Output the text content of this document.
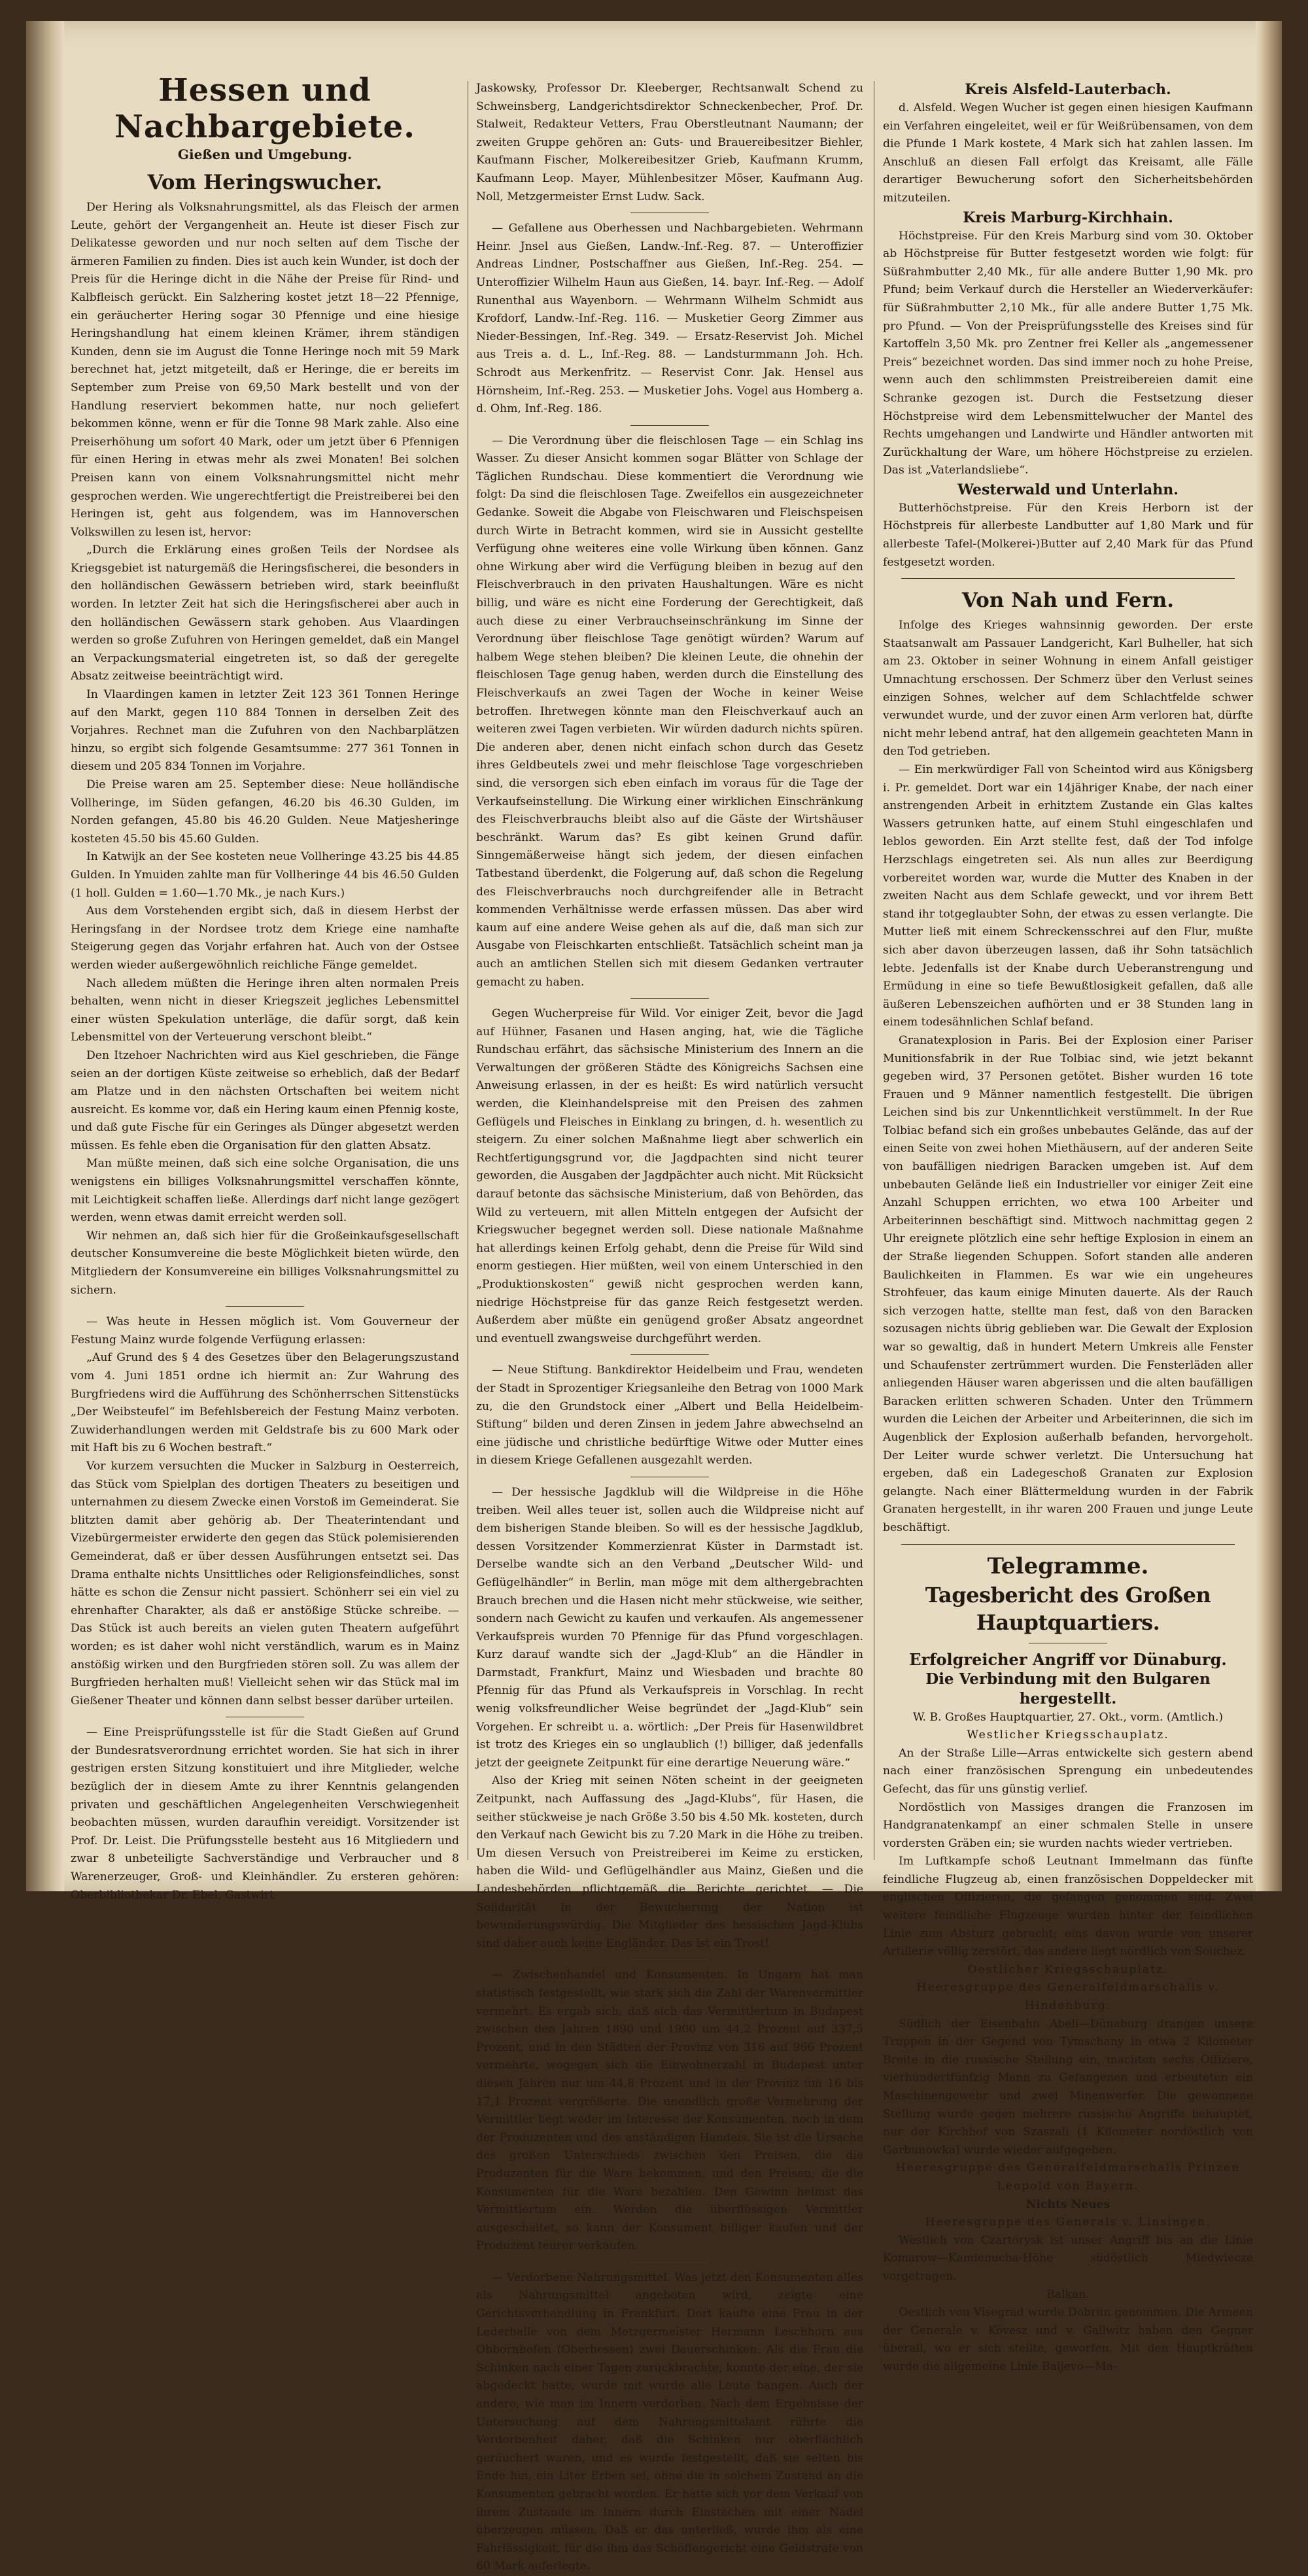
Hessen und Nachbargebiete.
Gießen und Umgebung.
Vom Heringswucher.

Der Hering als Volksnahrungsmittel, als das Fleisch der armen Leute, gehört der Vergangenheit an. Heute ist dieser Fisch zur Delikatesse geworden und nur noch selten auf dem Tische der ärmeren Familien zu finden. Dies ist auch kein Wunder, ist doch der Preis für die Heringe dicht in die Nähe der Preise für Rind- und Kalbfleisch gerückt. Ein Salzhering kostet jetzt 18—22 Pfennige, ein geräucherter Hering sogar 30 Pfennige und eine hiesige Heringshandlung hat einem kleinen Krämer, ihrem ständigen Kunden, denn sie im August die Tonne Heringe noch mit 59 Mark berechnet hat, jetzt mitgeteilt, daß er Heringe, die er bereits im September zum Preise von 69,50 Mark bestellt und von der Handlung reserviert bekommen hatte, nur noch geliefert bekommen könne, wenn er für die Tonne 98 Mark zahle. Also eine Preiserhöhung um sofort 40 Mark, oder um jetzt über 6 Pfennigen für einen Hering in etwas mehr als zwei Monaten! Bei solchen Preisen kann von einem Volksnahrungsmittel nicht mehr gesprochen werden. Wie ungerechtfertigt die Preistreiberei bei den Heringen ist, geht aus folgendem, was im Hannoverschen Volkswillen zu lesen ist, hervor:

„Durch die Erklärung eines großen Teils der Nordsee als Kriegsgebiet ist naturgemäß die Heringsfischerei, die besonders in den holländischen Gewässern betrieben wird, stark beeinflußt worden. In letzter Zeit hat sich die Heringsfischerei aber auch in den holländischen Gewässern stark gehoben. Aus Vlaardingen werden so große Zufuhren von Heringen gemeldet, daß ein Mangel an Verpackungsmaterial eingetreten ist, so daß der geregelte Absatz zeitweise beeinträchtigt wird.

In Vlaardingen kamen in letzter Zeit 123 361 Tonnen Heringe auf den Markt, gegen 110 884 Tonnen in derselben Zeit des Vorjahres. Rechnet man die Zufuhren von den Nachbarplätzen hinzu, so ergibt sich folgende Gesamtsumme: 277 361 Tonnen in diesem und 205 834 Tonnen im Vorjahre.

Die Preise waren am 25. September diese: Neue holländische Vollheringe, im Süden gefangen, 46.20 bis 46.30 Gulden, im Norden gefangen, 45.80 bis 46.20 Gulden. Neue Matjesheringe kosteten 45.50 bis 45.60 Gulden.

In Katwijk an der See kosteten neue Vollheringe 43.25 bis 44.85 Gulden. In Ymuiden zahlte man für Vollheringe 44 bis 46.50 Gulden (1 holl. Gulden = 1.60—1.70 Mk., je nach Kurs.)

Aus dem Vorstehenden ergibt sich, daß in diesem Herbst der Heringsfang in der Nordsee trotz dem Kriege eine namhafte Steigerung gegen das Vorjahr erfahren hat. Auch von der Ostsee werden wieder außergewöhnlich reichliche Fänge gemeldet.

Nach alledem müßten die Heringe ihren alten normalen Preis behalten, wenn nicht in dieser Kriegszeit jegliches Lebensmittel einer wüsten Spekulation unterläge, die dafür sorgt, daß kein Lebensmittel von der Verteuerung verschont bleibt.“

Den Itzehoer Nachrichten wird aus Kiel geschrieben, die Fänge seien an der dortigen Küste zeitweise so erheblich, daß der Bedarf am Platze und in den nächsten Ortschaften bei weitem nicht ausreicht. Es komme vor, daß ein Hering kaum einen Pfennig koste, und daß gute Fische für ein Geringes als Dünger abgesetzt werden müssen. Es fehle eben die Organisation für den glatten Absatz.

Man müßte meinen, daß sich eine solche Organisation, die uns wenigstens ein billiges Volksnahrungsmittel verschaffen könnte, mit Leichtigkeit schaffen ließe. Allerdings darf nicht lange gezögert werden, wenn etwas damit erreicht werden soll.

Wir nehmen an, daß sich hier für die Großeinkaufsgesellschaft deutscher Konsumvereine die beste Möglichkeit bieten würde, den Mitgliedern der Konsumvereine ein billiges Volksnahrungsmittel zu sichern.

— Was heute in Hessen möglich ist. Vom Gouverneur der Festung Mainz wurde folgende Verfügung erlassen:

„Auf Grund des § 4 des Gesetzes über den Belagerungszustand vom 4. Juni 1851 ordne ich hiermit an: Zur Wahrung des Burgfriedens wird die Aufführung des Schönherrschen Sittenstücks „Der Weibsteufel“ im Befehlsbereich der Festung Mainz verboten. Zuwiderhandlungen werden mit Geldstrafe bis zu 600 Mark oder mit Haft bis zu 6 Wochen bestraft.“

Vor kurzem versuchten die Mucker in Salzburg in Oesterreich, das Stück vom Spielplan des dortigen Theaters zu beseitigen und unternahmen zu diesem Zwecke einen Vorstoß im Gemeinderat. Sie blitzten damit aber gehörig ab. Der Theaterintendant und Vizebürgermeister erwiderte den gegen das Stück polemisierenden Gemeinderat, daß er über dessen Ausführungen entsetzt sei. Das Drama enthalte nichts Unsittliches oder Religionsfeindliches, sonst hätte es schon die Zensur nicht passiert. Schönherr sei ein viel zu ehrenhafter Charakter, als daß er anstößige Stücke schreibe. — Das Stück ist auch bereits an vielen guten Theatern aufgeführt worden; es ist daher wohl nicht verständlich, warum es in Mainz anstößig wirken und den Burgfrieden stören soll. Zu was allem der Burgfrieden herhalten muß! Vielleicht sehen wir das Stück mal im Gießener Theater und können dann selbst besser darüber urteilen.

— Eine Preisprüfungsstelle ist für die Stadt Gießen auf Grund der Bundesratsverordnung errichtet worden. Sie hat sich in ihrer gestrigen ersten Sitzung konstituiert und ihre Mitglieder, welche bezüglich der in diesem Amte zu ihrer Kenntnis gelangenden privaten und geschäftlichen Angelegenheiten Verschwiegenheit beobachten müssen, wurden daraufhin vereidigt. Vorsitzender ist Prof. Dr. Leist. Die Prüfungsstelle besteht aus 16 Mitgliedern und zwar 8 unbeteiligte Sachverständige und Verbraucher und 8 Warenerzeuger, Groß- und Kleinhändler. Zu ersteren gehören: Oberbibliothekar Dr. Ebel, Gastwirt

Jaskowsky, Professor Dr. Kleeberger, Rechtsanwalt Schend zu Schweinsberg, Landgerichtsdirektor Schneckenbecher, Prof. Dr. Stalweit, Redakteur Vetters, Frau Oberstleutnant Naumann; der zweiten Gruppe gehören an: Guts- und Brauereibesitzer Biehler, Kaufmann Fischer, Molkereibesitzer Grieb, Kaufmann Krumm, Kaufmann Leop. Mayer, Mühlenbesitzer Möser, Kaufmann Aug. Noll, Metzgermeister Ernst Ludw. Sack.

— Gefallene aus Oberhessen und Nachbargebieten. Wehrmann Heinr. Jnsel aus Gießen, Landw.-Inf.-Reg. 87. — Unteroffizier Andreas Lindner, Postschaffner aus Gießen, Inf.-Reg. 254. — Unteroffizier Wilhelm Haun aus Gießen, 14. bayr. Inf.-Reg. — Adolf Runenthal aus Wayenborn. — Wehrmann Wilhelm Schmidt aus Krofdorf, Landw.-Inf.-Reg. 116. — Musketier Georg Zimmer aus Nieder-Bessingen, Inf.-Reg. 349. — Ersatz-Reservist Joh. Michel aus Treis a. d. L., Inf.-Reg. 88. — Landsturmmann Joh. Hch. Schrodt aus Merkenfritz. — Reservist Conr. Jak. Hensel aus Hörnsheim, Inf.-Reg. 253. — Musketier Johs. Vogel aus Homberg a. d. Ohm, Inf.-Reg. 186.

— Die Verordnung über die fleischlosen Tage — ein Schlag ins Wasser. Zu dieser Ansicht kommen sogar Blätter von Schlage der Täglichen Rundschau. Diese kommentiert die Verordnung wie folgt: Da sind die fleischlosen Tage. Zweifellos ein ausgezeichneter Gedanke. Soweit die Abgabe von Fleischwaren und Fleischspeisen durch Wirte in Betracht kommen, wird sie in Aussicht gestellte Verfügung ohne weiteres eine volle Wirkung üben können. Ganz ohne Wirkung aber wird die Verfügung bleiben in bezug auf den Fleischverbrauch in den privaten Haushaltungen. Wäre es nicht billig, und wäre es nicht eine Forderung der Gerechtigkeit, daß auch diese zu einer Verbrauchseinschränkung im Sinne der Verordnung über fleischlose Tage genötigt würden? Warum auf halbem Wege stehen bleiben? Die kleinen Leute, die ohnehin der fleischlosen Tage genug haben, werden durch die Einstellung des Fleischverkaufs an zwei Tagen der Woche in keiner Weise betroffen. Ihretwegen könnte man den Fleischverkauf auch an weiteren zwei Tagen verbieten. Wir würden dadurch nichts spüren. Die anderen aber, denen nicht einfach schon durch das Gesetz ihres Geldbeutels zwei und mehr fleischlose Tage vorgeschrieben sind, die versorgen sich eben einfach im voraus für die Tage der Verkaufseinstellung. Die Wirkung einer wirklichen Einschränkung des Fleischverbrauchs bleibt also auf die Gäste der Wirtshäuser beschränkt. Warum das? Es gibt keinen Grund dafür. Sinngemäßerweise hängt sich jedem, der diesen einfachen Tatbestand überdenkt, die Folgerung auf, daß schon die Regelung des Fleischverbrauchs noch durchgreifender alle in Betracht kommenden Verhältnisse werde erfassen müssen. Das aber wird kaum auf eine andere Weise gehen als auf die, daß man sich zur Ausgabe von Fleischkarten entschließt. Tatsächlich scheint man ja auch an amtlichen Stellen sich mit diesem Gedanken vertrauter gemacht zu haben.

Gegen Wucherpreise für Wild. Vor einiger Zeit, bevor die Jagd auf Hühner, Fasanen und Hasen anging, hat, wie die Tägliche Rundschau erfährt, das sächsische Ministerium des Innern an die Verwaltungen der größeren Städte des Königreichs Sachsen eine Anweisung erlassen, in der es heißt: Es wird natürlich versucht werden, die Kleinhandelspreise mit den Preisen des zahmen Geflügels und Fleisches in Einklang zu bringen, d. h. wesentlich zu steigern. Zu einer solchen Maßnahme liegt aber schwerlich ein Rechtfertigungsgrund vor, die Jagdpachten sind nicht teurer geworden, die Ausgaben der Jagdpächter auch nicht. Mit Rücksicht darauf betonte das sächsische Ministerium, daß von Behörden, das Wild zu verteuern, mit allen Mitteln entgegen der Aufsicht der Kriegswucher begegnet werden soll. Diese nationale Maßnahme hat allerdings keinen Erfolg gehabt, denn die Preise für Wild sind enorm gestiegen. Hier müßten, weil von einem Unterschied in den „Produktionskosten“ gewiß nicht gesprochen werden kann, niedrige Höchstpreise für das ganze Reich festgesetzt werden. Außerdem aber müßte ein genügend großer Absatz angeordnet und eventuell zwangsweise durchgeführt werden.

— Neue Stiftung. Bankdirektor Heidelbeim und Frau, wendeten der Stadt in Sprozentiger Kriegsanleihe den Betrag von 1000 Mark zu, die den Grundstock einer „Albert und Bella Heidelbeim-Stiftung“ bilden und deren Zinsen in jedem Jahre abwechselnd an eine jüdische und christliche bedürftige Witwe oder Mutter eines in diesem Kriege Gefallenen ausgezahlt werden.

— Der hessische Jagdklub will die Wildpreise in die Höhe treiben. Weil alles teuer ist, sollen auch die Wildpreise nicht auf dem bisherigen Stande bleiben. So will es der hessische Jagdklub, dessen Vorsitzender Kommerzienrat Küster in Darmstadt ist. Derselbe wandte sich an den Verband „Deutscher Wild- und Geflügelhändler“ in Berlin, man möge mit dem althergebrachten Brauch brechen und die Hasen nicht mehr stückweise, wie seither, sondern nach Gewicht zu kaufen und verkaufen. Als angemessener Verkaufspreis wurden 70 Pfennige für das Pfund vorgeschlagen. Kurz darauf wandte sich der „Jagd-Klub“ an die Händler in Darmstadt, Frankfurt, Mainz und Wiesbaden und brachte 80 Pfennig für das Pfund als Verkaufspreis in Vorschlag. In recht wenig volksfreundlicher Weise begründet der „Jagd-Klub“ sein Vorgehen. Er schreibt u. a. wörtlich: „Der Preis für Hasenwildbret ist trotz des Krieges ein so unglaublich (!) billiger, daß jedenfalls jetzt der geeignete Zeitpunkt für eine derartige Neuerung wäre.“

Also der Krieg mit seinen Nöten scheint in der geeigneten Zeitpunkt, nach Auffassung des „Jagd-Klubs“, für Hasen, die seither stückweise je nach Größe 3.50 bis 4.50 Mk. kosteten, durch den Verkauf nach Gewicht bis zu 7.20 Mark in die Höhe zu treiben. Um diesen Versuch von Preistreiberei im Keime zu ersticken, haben die Wild- und Geflügelhändler aus Mainz, Gießen und die Landesbehörden pflichtgemäß die Berichte gerichtet. — Die Solidarität in der Bewucherung der Nation ist bewunderungswürdig. Die Mitglieder des hessischen Jagd-Klubs sind daher auch keine Engländer. Das ist ein Trost!

— Zwischenhandel und Konsumenten. In Ungarn hat man statistisch festgestellt, wie stark sich die Zahl der Warenvermittler vermehrt. Es ergab sich, daß sich das Vermittlertum in Budapest zwischen den Jahren 1890 und 1900 um 44,2 Prozent auf 337,5 Prozent, und in den Städten der Provinz von 316 auf 966 Prozent vermehrte, wogegen sich die Einwohnerzahl in Budapest unter diesen Jahren nur um 44,8 Prozent und in der Provinz um 16 bis 17,1 Prozent vergrößerte. Die unendlich große Vermehrung der Vermittler liegt weder im Interesse der Konsumenten, noch in dem der Produzenten und des anständigen Handels. Sie ist die Ursache des großen Unterschieds zwischen den Preisen, die die Produzenten für die Ware bekommen, und den Preisen, die die Konsumenten für die Ware bezahlen. Den Gewinn heimst das Vermittlertum ein. Werden die überflüssigen Vermittler ausgeschaltet, so kann der Konsument billiger kaufen und der Produzent teurer verkaufen.

— Verdorbene Nahrungsmittel. Was jetzt den Konsumenten alles als Nahrungsmittel angeboten wird, zeigte eine Gerichtsverhandlung in Frankfurt. Dort kaufte eine Frau in der Lederhalle von dem Metzgermeister Hermann Leschhorn aus Obbornhofen (Oberhessen) zwei Dauerschinken. Als die Frau die Schinken nach einer Tagen zurückbrachte, konnte der eine, der sie abgedeckt hatte, wurde mit wurde alle Leute bangen. Auch der andere, wie man im Innern verdorben. Nach dem Ergebnisse der Untersuchung auf dem Nahrungsmittelamt rührte die Verdorbenheit daher, daß die Schinken nur oberflächlich geräuchert waren, und es wurde festgestellt, daß sie selten bis Ende hin, ein Liter Erben sei, ohne die in solchem Zustand an die Konsumenten gebracht worden. Er hätte sich vor dem Verkauf von ihrem Zustande im Innern durch Einstechen mit einer Nadel überzeugen müssen. Daß er das unterließ, wurde ihm als eine Fahrlässigkeit, für die ihm das Schöffengericht eine Geldstrafe von 60 Mark auferlegte.

Kreis Alsfeld-Lauterbach.

d. Alsfeld. Wegen Wucher ist gegen einen hiesigen Kaufmann ein Verfahren eingeleitet, weil er für Weißrübensamen, von dem die Pfunde 1 Mark kostete, 4 Mark sich hat zahlen lassen. Im Anschluß an diesen Fall erfolgt das Kreisamt, alle Fälle derartiger Bewucherung sofort den Sicherheitsbehörden mitzuteilen.

Kreis Marburg-Kirchhain.

Höchstpreise. Für den Kreis Marburg sind vom 30. Oktober ab Höchstpreise für Butter festgesetzt worden wie folgt: für Süßrahmbutter 2,40 Mk., für alle andere Butter 1,90 Mk. pro Pfund; beim Verkauf durch die Hersteller an Wiederverkäufer: für Süßrahmbutter 2,10 Mk., für alle andere Butter 1,75 Mk. pro Pfund. — Von der Preisprüfungsstelle des Kreises sind für Kartoffeln 3,50 Mk. pro Zentner frei Keller als „angemessener Preis“ bezeichnet worden. Das sind immer noch zu hohe Preise, wenn auch den schlimmsten Preistreibereien damit eine Schranke gezogen ist. Durch die Festsetzung dieser Höchstpreise wird dem Lebensmittelwucher der Mantel des Rechts umgehangen und Landwirte und Händler antworten mit Zurückhaltung der Ware, um höhere Höchstpreise zu erzielen. Das ist „Vaterlandsliebe“.

Westerwald und Unterlahn.

Butterhöchstpreise. Für den Kreis Herborn ist der Höchstpreis für allerbeste Landbutter auf 1,80 Mark und für allerbeste Tafel-(Molkerei-)Butter auf 2,40 Mark für das Pfund festgesetzt worden.

Von Nah und Fern.

Infolge des Krieges wahnsinnig geworden. Der erste Staatsanwalt am Passauer Landgericht, Karl Bulheller, hat sich am 23. Oktober in seiner Wohnung in einem Anfall geistiger Umnachtung erschossen. Der Schmerz über den Verlust seines einzigen Sohnes, welcher auf dem Schlachtfelde schwer verwundet wurde, und der zuvor einen Arm verloren hat, dürfte nicht mehr lebend antraf, hat den allgemein geachteten Mann in den Tod getrieben.

— Ein merkwürdiger Fall von Scheintod wird aus Königsberg i. Pr. gemeldet. Dort war ein 14jähriger Knabe, der nach einer anstrengenden Arbeit in erhitztem Zustande ein Glas kaltes Wassers getrunken hatte, auf einem Stuhl eingeschlafen und leblos geworden. Ein Arzt stellte fest, daß der Tod infolge Herzschlags eingetreten sei. Als nun alles zur Beerdigung vorbereitet worden war, wurde die Mutter des Knaben in der zweiten Nacht aus dem Schlafe geweckt, und vor ihrem Bett stand ihr totgeglaubter Sohn, der etwas zu essen verlangte. Die Mutter ließ mit einem Schreckensschrei auf den Flur, mußte sich aber davon überzeugen lassen, daß ihr Sohn tatsächlich lebte. Jedenfalls ist der Knabe durch Ueberanstrengung und Ermüdung in eine so tiefe Bewußtlosigkeit gefallen, daß alle äußeren Lebenszeichen aufhörten und er 38 Stunden lang in einem todesähnlichen Schlaf befand.

Granatexplosion in Paris. Bei der Explosion einer Pariser Munitionsfabrik in der Rue Tolbiac sind, wie jetzt bekannt gegeben wird, 37 Personen getötet. Bisher wurden 16 tote Frauen und 9 Männer namentlich festgestellt. Die übrigen Leichen sind bis zur Unkenntlichkeit verstümmelt. In der Rue Tolbiac befand sich ein großes unbebautes Gelände, das auf der einen Seite von zwei hohen Miethäusern, auf der anderen Seite von baufälligen niedrigen Baracken umgeben ist. Auf dem unbebauten Gelände ließ ein Industrieller vor einiger Zeit eine Anzahl Schuppen errichten, wo etwa 100 Arbeiter und Arbeiterinnen beschäftigt sind. Mittwoch nachmittag gegen 2 Uhr ereignete plötzlich eine sehr heftige Explosion in einem an der Straße liegenden Schuppen. Sofort standen alle anderen Baulichkeiten in Flammen. Es war wie ein ungeheures Strohfeuer, das kaum einige Minuten dauerte. Als der Rauch sich verzogen hatte, stellte man fest, daß von den Baracken sozusagen nichts übrig geblieben war. Die Gewalt der Explosion war so gewaltig, daß in hundert Metern Umkreis alle Fenster und Schaufenster zertrümmert wurden. Die Fensterläden aller anliegenden Häuser waren abgerissen und die alten baufälligen Baracken erlitten schweren Schaden. Unter den Trümmern wurden die Leichen der Arbeiter und Arbeiterinnen, die sich im Augenblick der Explosion außerhalb befanden, hervorgeholt. Der Leiter wurde schwer verletzt. Die Untersuchung hat ergeben, daß ein Ladegeschoß Granaten zur Explosion gelangte. Nach einer Blättermeldung wurden in der Fabrik Granaten hergestellt, in ihr waren 200 Frauen und junge Leute beschäftigt.

Telegramme.
Tagesbericht des Großen Hauptquartiers.
Erfolgreicher Angriff vor Dünaburg.
Die Verbindung mit den Bulgaren hergestellt.

W. B. Großes Hauptquartier, 27. Okt., vorm. (Amtlich.)

Westlicher Kriegsschauplatz.

An der Straße Lille—Arras entwickelte sich gestern abend nach einer französischen Sprengung ein unbedeutendes Gefecht, das für uns günstig verlief.

Nordöstlich von Massiges drangen die Franzosen im Handgranatenkampf an einer schmalen Stelle in unsere vordersten Gräben ein; sie wurden nachts wieder vertrieben.

Im Luftkampfe schoß Leutnant Immelmann das fünfte feindliche Flugzeug ab, einen französischen Doppeldecker mit englischen Offizieren, die gefangen genommen sind. Zwei weitere feindliche Flugzeuge wurden hinter der feindlichen Linie zum Absturz gebracht; eins davon wurde von unserer Artillerie völlig zerstört, das andere liegt nördlich von Souchez.

Oestlicher Kriegsschauplatz.

Heeresgruppe des Generalfeldmarschalls v. Hindenburg.

Südlich der Eisenbahn Abeli—Dünaburg drangen unsere Truppen in der Gegend von Tymschany in etwa 2 Kilometer Breite in die russische Stellung ein, machten sechs Offiziere, vierhundertfünfzig Mann zu Gefangenen und erbeuteten ein Maschinengewehr und zwei Minenwerfer. Die gewonnene Stellung wurde gegen mehrere russische Angriffe behauptet, nur der Kirchhof von Szaszali (1 Kilometer nordöstlich von Garbunowka) wurde wieder aufgegeben.

Heeresgruppe des Generalfeldmarschalls Prinzen Leopold von Bayern.

Nichts Neues

Heeresgruppe des Generals v. Linsingen.

Westlich von Czartorysk ist unser Angriff bis an die Linie Komarow—Kamienucha-Höhe südöstlich Miedwiecze vorgetragen.

Balkan.

Oestlich von Visegrad wurde Dobrun genommen. Die Armeen der Generale v. Kövesz und v. Gallwitz haben den Gegner überall, wo er sich stellte, geworfen. Mit den Hauptkräften wurde die allgemeine Linie Baljevo—Ma-
